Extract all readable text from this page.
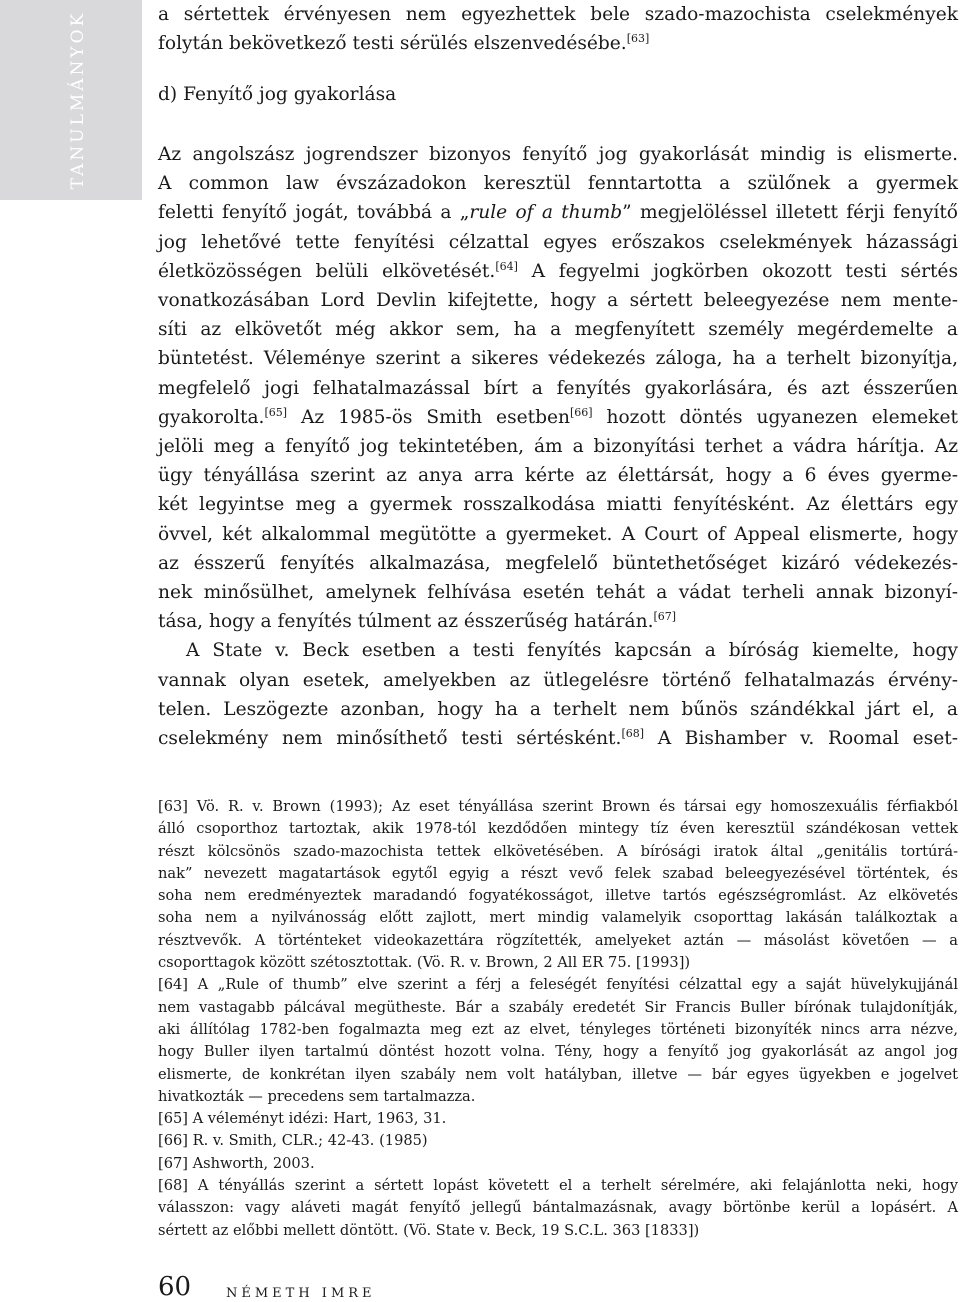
TANULMÁNYOK	a sértettek érvényesen nem egyezhettek bele szado-mazochista cselekmények
folytán bekövetkező testi sérülés elszenvedésébe.[63]

d) Fenyítő jog gyakorlása

Az angolszász jogrendszer bizonyos fenyítő jog gyakorlását mindig is elismerte.
A common law évszázadokon keresztül fenntartotta a szülőnek a gyermek
feletti fenyítő jogát, továbbá a „rule of a thumb” megjelöléssel illetett férji fenyítő
jog lehetővé tette fenyítési célzattal egyes erőszakos cselekmények házassági
életközösségen belüli elkövetését.[64] A fegyelmi jogkörben okozott testi sértés
vonatkozásában Lord Devlin kifejtette, hogy a sértett beleegyezése nem mente-
síti az elkövetőt még akkor sem, ha a megfenyített személy megérdemelte a
büntetést. Véleménye szerint a sikeres védekezés záloga, ha a terhelt bizonyítja,
megfelelő jogi felhatalmazással bírt a fenyítés gyakorlására, és azt ésszerűen
gyakorolta.[65] Az 1985-ös Smith esetben[66] hozott döntés ugyanezen elemeket
jelöli meg a fenyítő jog tekintetében, ám a bizonyítási terhet a vádra hárítja. Az
ügy tényállása szerint az anya arra kérte az élettársát, hogy a 6 éves gyerme-
két legyintse meg a gyermek rosszalkodása miatti fenyítésként. Az élettárs egy
övvel, két alkalommal megütötte a gyermeket. A Court of Appeal elismerte, hogy
az ésszerű fenyítés alkalmazása, megfelelő büntethetőséget kizáró védekezés-
nek minősülhet, amelynek felhívása esetén tehát a vádat terheli annak bizonyí-
tása, hogy a fenyítés túlment az ésszerűség határán.[67]
A State v. Beck esetben a testi fenyítés kapcsán a bíróság kiemelte, hogy
vannak olyan esetek, amelyekben az ütlegelésre történő felhatalmazás érvény-
telen. Leszögezte azonban, hogy ha a terhelt nem bűnös szándékkal járt el, a
cselekmény nem minősíthető testi sértésként.[68] A Bishamber v. Roomal eset-

[63] Vö. R. v. Brown (1993); Az eset tényállása szerint Brown és társai egy homoszexuális férfiakból
álló csoporthoz tartoztak, akik 1978-tól kezdődően mintegy tíz éven keresztül szándékosan vettek
részt kölcsönös szado-mazochista tettek elkövetésében. A bírósági iratok által „genitális tortúrá-
nak” nevezett magatartások egytől egyig a részt vevő felek szabad beleegyezésével történtek, és
soha nem eredményeztek maradandó fogyatékosságot, illetve tartós egészségromlást. Az elkövetés
soha nem a nyilvánosság előtt zajlott, mert mindig valamelyik csoporttag lakásán találkoztak a
résztvevők. A történteket videokazettára rögzítették, amelyeket aztán — másolást követően — a
csoporttagok között szétosztottak. (Vö. R. v. Brown, 2 All ER 75. [1993])
[64] A „Rule of thumb” elve szerint a férj a feleségét fenyítési célzattal egy a saját hüvelykujjánál
nem vastagabb pálcával megütheste. Bár a szabály eredetét Sir Francis Buller bírónak tulajdonítják,
aki állítólag 1782-ben fogalmazta meg ezt az elvet, tényleges történeti bizonyíték nincs arra nézve,
hogy Buller ilyen tartalmú döntést hozott volna. Tény, hogy a fenyítő jog gyakorlását az angol jog
elismerte, de konkrétan ilyen szabály nem volt hatályban, illetve — bár egyes ügyekben e jogelvet
hivatkozták — precedens sem tartalmazza.
[65] A véleményt idézi: Hart, 1963, 31.
[66] R. v. Smith, CLR.; 42-43. (1985)
[67] Ashworth, 2003.
[68] A tényállás szerint a sértett lopást követett el a terhelt sérelmére, aki felajánlotta neki, hogy
válasszon: vagy aláveti magát fenyítő jellegű bántalmazásnak, avagy börtönbe kerül a lopásért. A
sértett az előbbi mellett döntött. (Vö. State v. Beck, 19 S.C.L. 363 [1833])
60	NÉMETH IMRE
